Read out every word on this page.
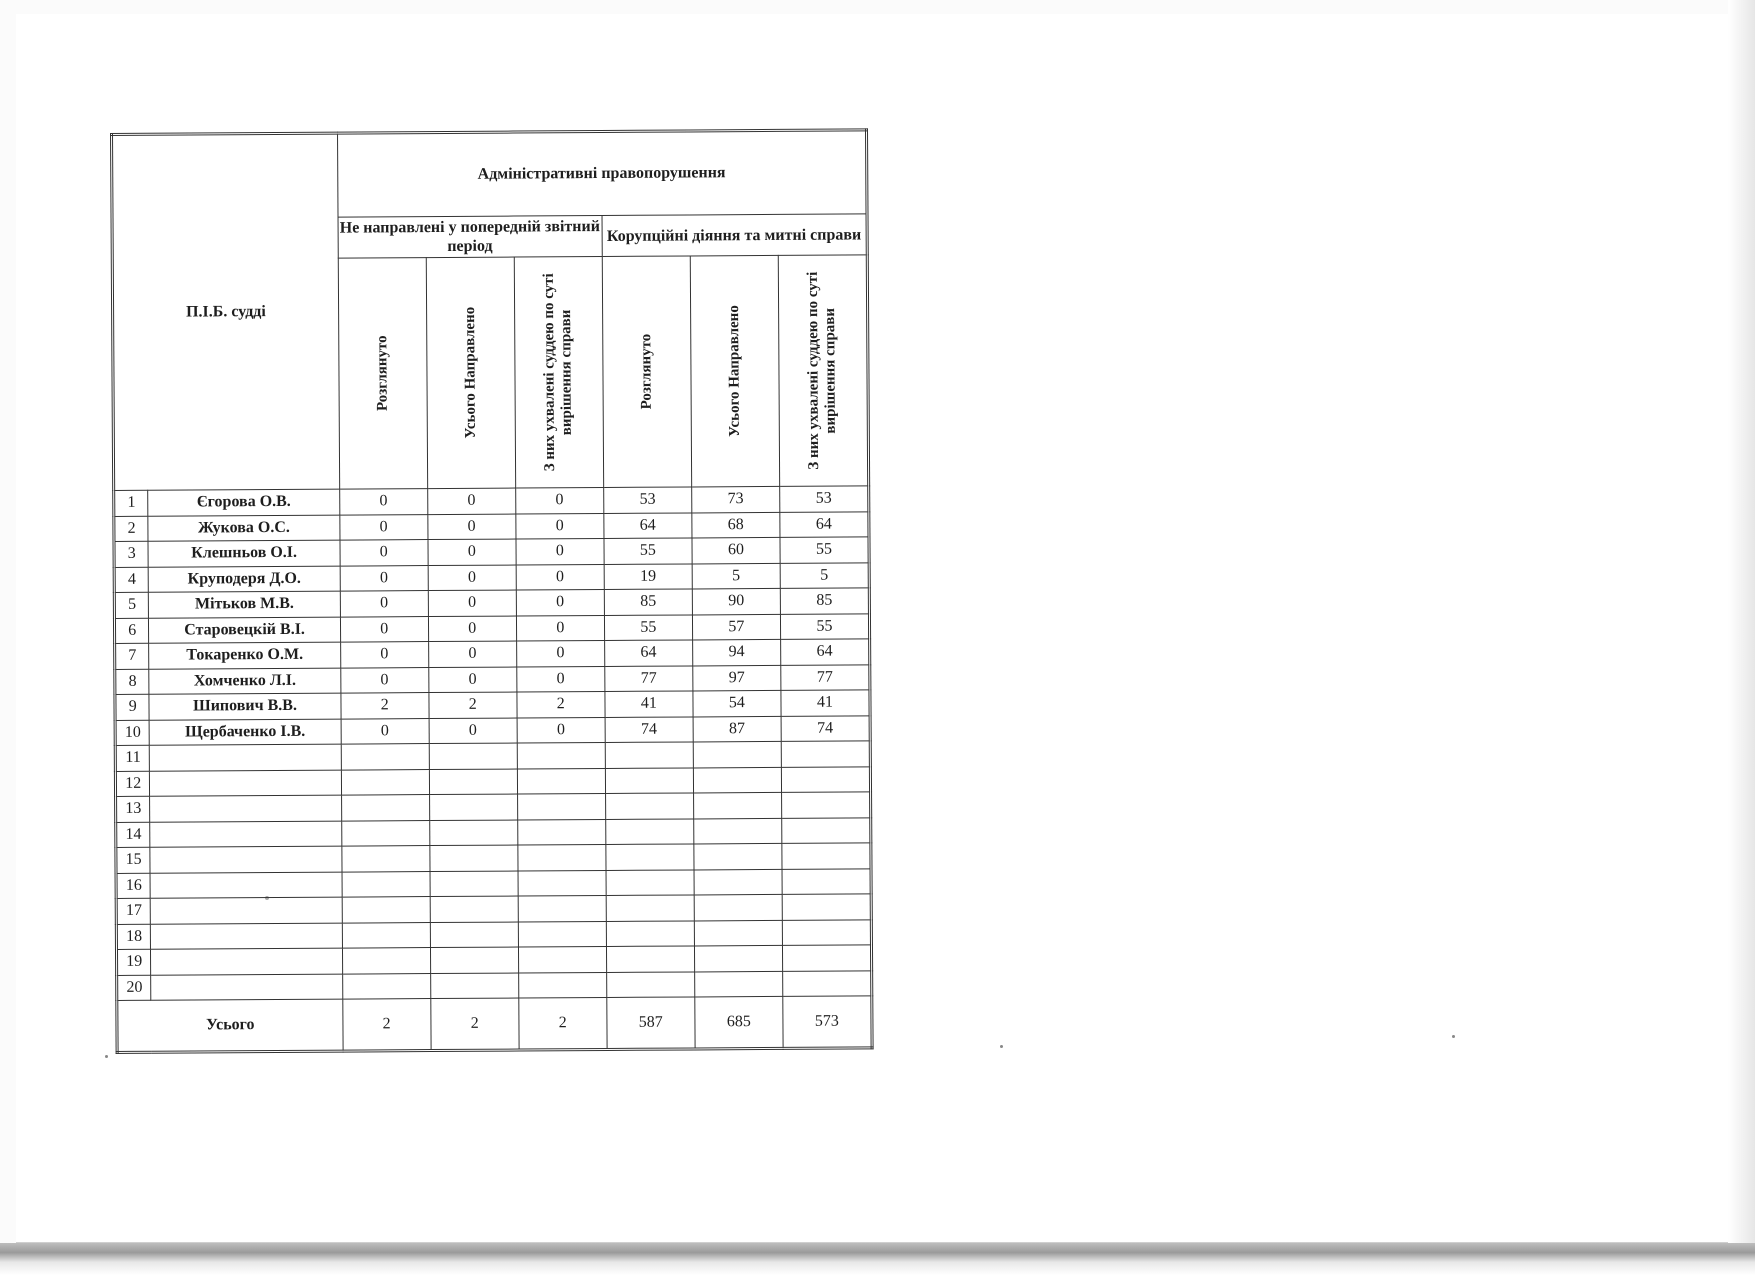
П.І.Б. судді		Адміністративні правопорушення					
		Не направлені у попередній звітний період			Корупційні діяння та митні справи		

		Розглянуто	Усього Направлено	З них ухвалені суддею по суті вирішення справи	Розглянуто	Усього Направлено	З них ухвалені суддею по суті вирішення справи

1	Єгорова О.В.	0	0	0	53	73	53
2	Жукова О.С.	0	0	0	64	68	64
3	Клешньов О.І.	0	0	0	55	60	55
4	Круподеря Д.О.	0	0	0	19	5	5
5	Мітьков М.В.	0	0	0	85	90	85
6	Старовецкій В.І.	0	0	0	55	57	55
7	Токаренко О.М.	0	0	0	64	94	64
8	Хомченко Л.І.	0	0	0	77	97	77
9	Шипович В.В.	2	2	2	41	54	41
10	Щербаченко І.В.	0	0	0	74	87	74
11							
12							
13							
14							
15							
16							
17							
18							
19							
20							
Усього		2	2	2	587	685	573
